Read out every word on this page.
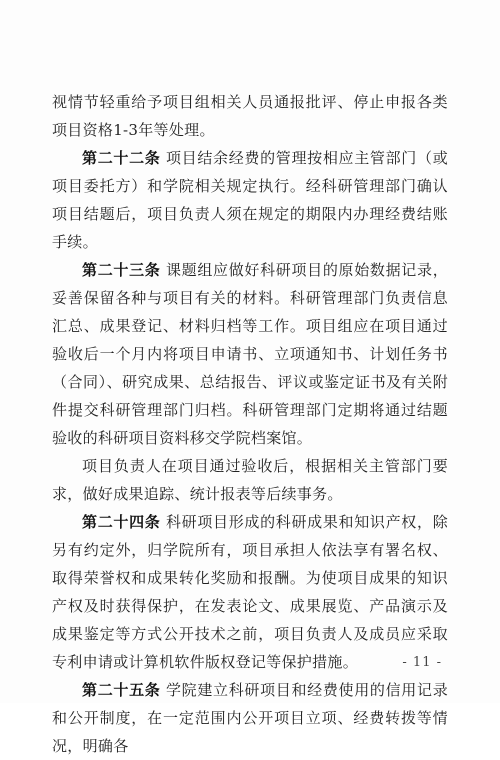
视情节轻重给予项目组相关人员通报批评、停止申报各类项目资格1-3年等处理。

第二十二条 项目结余经费的管理按相应主管部门（或项目委托方）和学院相关规定执行。经科研管理部门确认项目结题后，项目负责人须在规定的期限内办理经费结账手续。

第二十三条 课题组应做好科研项目的原始数据记录，妥善保留各种与项目有关的材料。科研管理部门负责信息汇总、成果登记、材料归档等工作。项目组应在项目通过验收后一个月内将项目申请书、立项通知书、计划任务书（合同）、研究成果、总结报告、评议或鉴定证书及有关附件提交科研管理部门归档。科研管理部门定期将通过结题验收的科研项目资料移交学院档案馆。

项目负责人在项目通过验收后，根据相关主管部门要求，做好成果追踪、统计报表等后续事务。

第二十四条 科研项目形成的科研成果和知识产权，除另有约定外，归学院所有，项目承担人依法享有署名权、取得荣誉权和成果转化奖励和报酬。为使项目成果的知识产权及时获得保护，在发表论文、成果展览、产品演示及成果鉴定等方式公开技术之前，项目负责人及成员应采取专利申请或计算机软件版权登记等保护措施。

第二十五条 学院建立科研项目和经费使用的信用记录和公开制度，在一定范围内公开项目立项、经费转拨等情况，明确各

- 11 -
